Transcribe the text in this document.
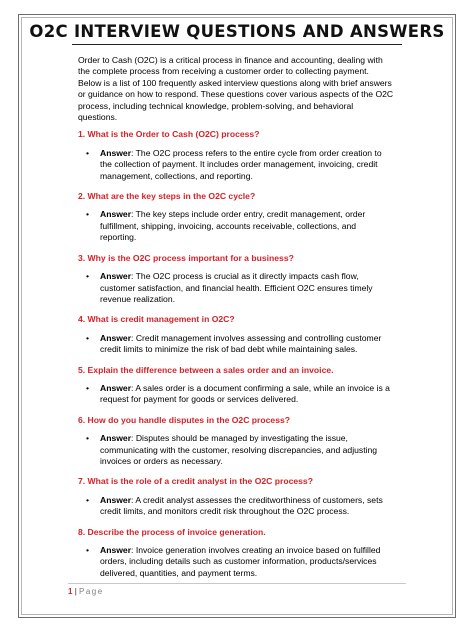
O2C INTERVIEW QUESTIONS AND ANSWERS

Order to Cash (O2C) is a critical process in finance and accounting, dealing with the complete process from receiving a customer order to collecting payment. Below is a list of 100 frequently asked interview questions along with brief answers or guidance on how to respond. These questions cover various aspects of the O2C process, including technical knowledge, problem-solving, and behavioral questions.

1. What is the Order to Cash (O2C) process?
• Answer: The O2C process refers to the entire cycle from order creation to the collection of payment. It includes order management, invoicing, credit management, collections, and reporting.
2. What are the key steps in the O2C cycle?
• Answer: The key steps include order entry, credit management, order fulfillment, shipping, invoicing, accounts receivable, collections, and reporting.
3. Why is the O2C process important for a business?
• Answer: The O2C process is crucial as it directly impacts cash flow, customer satisfaction, and financial health. Efficient O2C ensures timely revenue realization.
4. What is credit management in O2C?
• Answer: Credit management involves assessing and controlling customer credit limits to minimize the risk of bad debt while maintaining sales.
5. Explain the difference between a sales order and an invoice.
• Answer: A sales order is a document confirming a sale, while an invoice is a request for payment for goods or services delivered.
6. How do you handle disputes in the O2C process?
• Answer: Disputes should be managed by investigating the issue, communicating with the customer, resolving discrepancies, and adjusting invoices or orders as necessary.
7. What is the role of a credit analyst in the O2C process?
• Answer: A credit analyst assesses the creditworthiness of customers, sets credit limits, and monitors credit risk throughout the O2C process.
8. Describe the process of invoice generation.
• Answer: Invoice generation involves creating an invoice based on fulfilled orders, including details such as customer information, products/services delivered, quantities, and payment terms.
1 | Page
